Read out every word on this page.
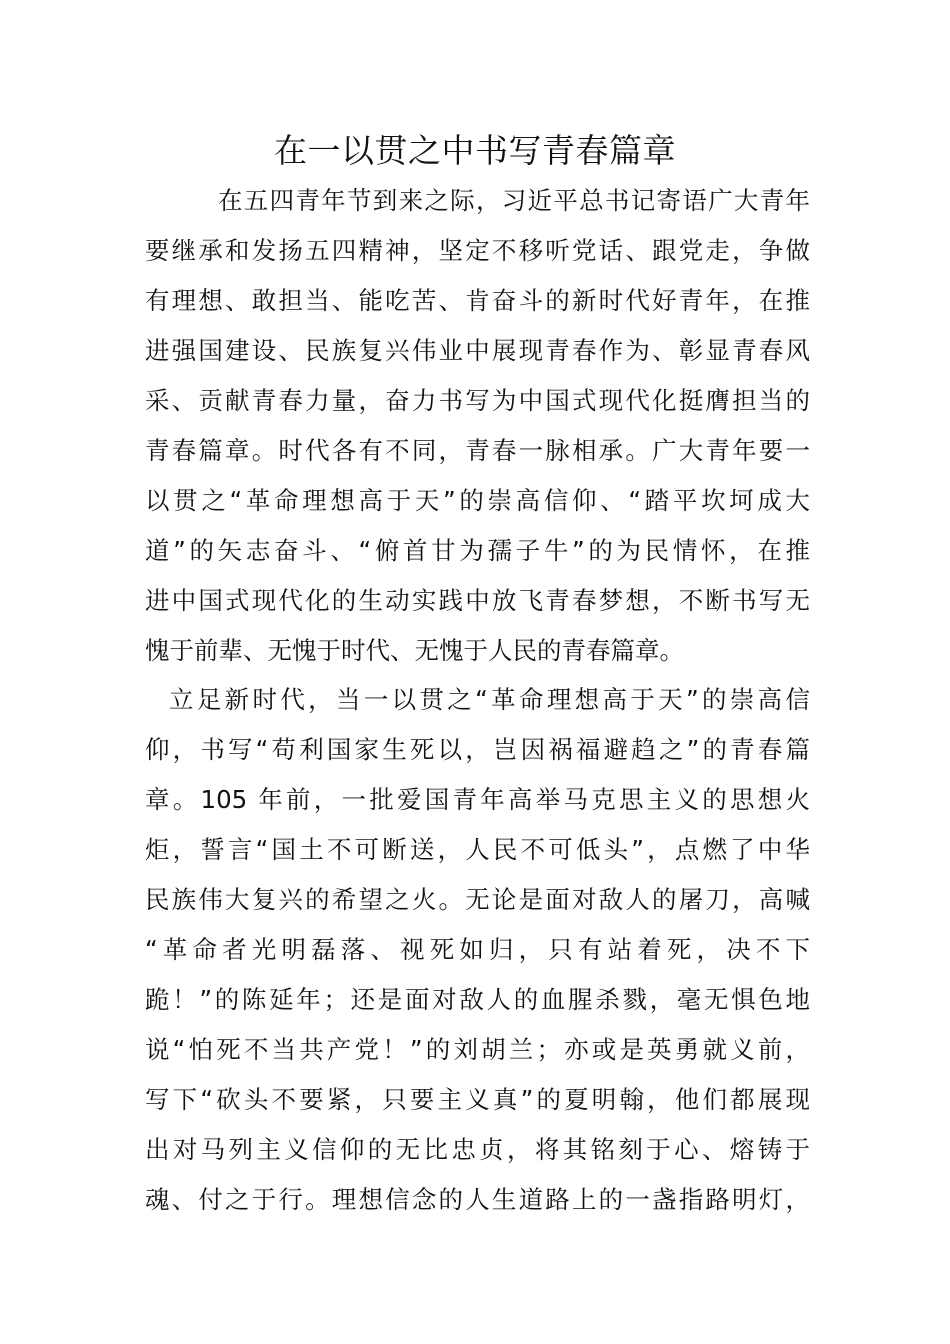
在一以贯之中书写青春篇章
在五四青年节到来之际，习近平总书记寄语广大青年
要继承和发扬五四精神，坚定不移听党话、跟党走，争做
有理想、敢担当、能吃苦、肯奋斗的新时代好青年，在推
进强国建设、民族复兴伟业中展现青春作为、彰显青春风
采、贡献青春力量，奋力书写为中国式现代化挺膺担当的
青春篇章。时代各有不同，青春一脉相承。广大青年要一
以贯之“革命理想高于天”的崇高信仰、“踏平坎坷成大
道”的矢志奋斗、“俯首甘为孺子牛”的为民情怀，在推
进中国式现代化的生动实践中放飞青春梦想，不断书写无
愧于前辈、无愧于时代、无愧于人民的青春篇章。
立足新时代，当一以贯之“革命理想高于天”的崇高信
仰，书写“苟利国家生死以，岂因祸福避趋之”的青春篇
章。105 年前，一批爱国青年高举马克思主义的思想火
炬，誓言“国土不可断送，人民不可低头”，点燃了中华
民族伟大复兴的希望之火。无论是面对敌人的屠刀，高喊
“革命者光明磊落、视死如归，只有站着死，决不下
跪！”的陈延年；还是面对敌人的血腥杀戮，毫无惧色地
说“怕死不当共产党！”的刘胡兰；亦或是英勇就义前，
写下“砍头不要紧，只要主义真”的夏明翰，他们都展现
出对马列主义信仰的无比忠贞，将其铭刻于心、熔铸于
魂、付之于行。理想信念的人生道路上的一盏指路明灯，
